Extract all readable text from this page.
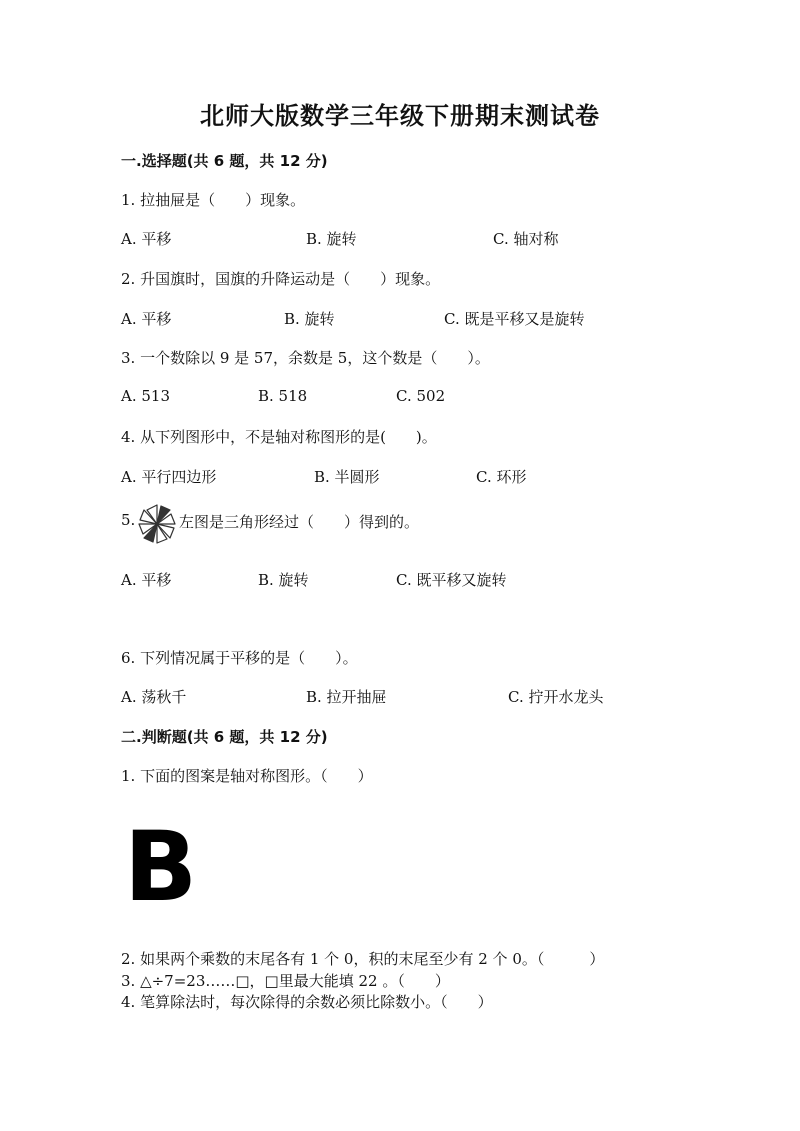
北师大版数学三年级下册期末测试卷
一.选择题(共 6 题，共 12 分)
1. 拉抽屉是（　　）现象。
A. 平移	B. 旋转	C. 轴对称
2. 升国旗时，国旗的升降运动是（　　）现象。
A. 平移	B. 旋转	C. 既是平移又是旋转
3. 一个数除以 9 是 57，余数是 5，这个数是（　　）。
A. 513	B. 518	C. 502
4. 从下列图形中，不是轴对称图形的是(　　)。
A. 平行四边形	B. 半圆形	C. 环形
5.	左图是三角形经过（　　）得到的。
A. 平移	B. 旋转	C. 既平移又旋转
6. 下列情况属于平移的是（　　）。
A. 荡秋千	B. 拉开抽屉	C. 拧开水龙头
二.判断题(共 6 题，共 12 分)
1. 下面的图案是轴对称图形。（　　）
B
2. 如果两个乘数的末尾各有 1 个 0，积的末尾至少有 2 个 0。（　　　）
3. △÷7=23……□，□里最大能填 22 。（　　）
4. 笔算除法时，每次除得的余数必须比除数小。（　　）
